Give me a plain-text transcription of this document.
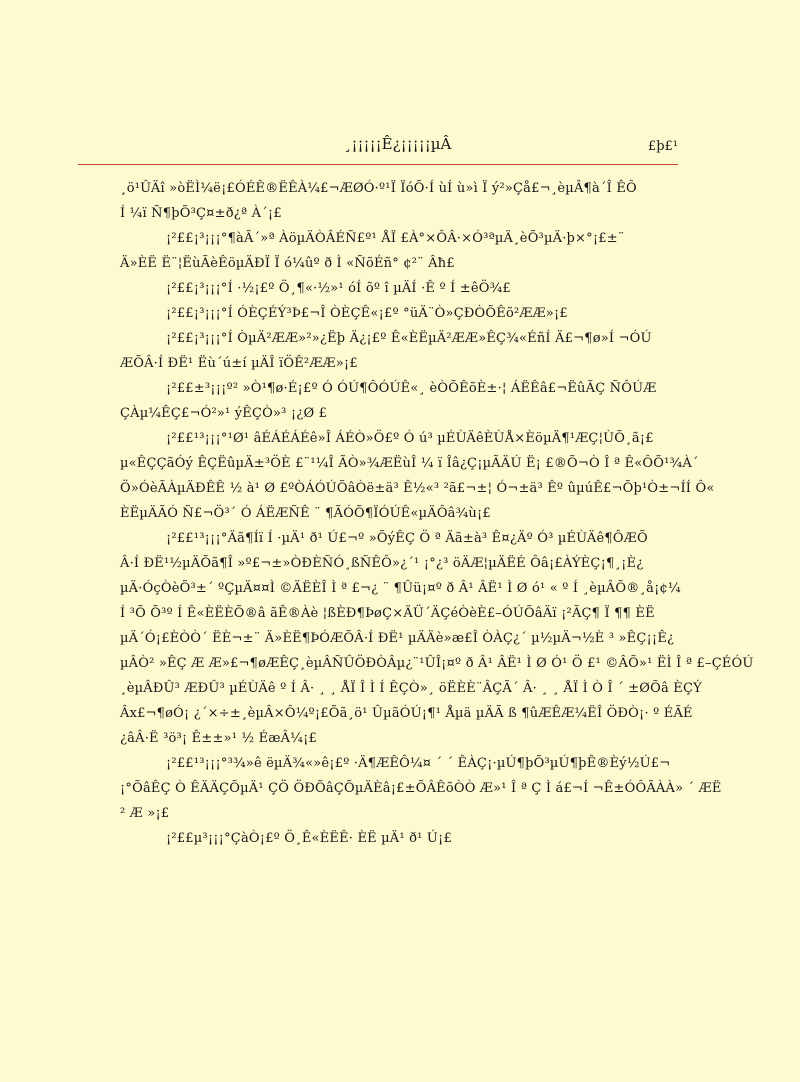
¸¡¡¡¡¡Ê¿¡¡¡¡¡µÂ	£þ£¹

¸ö¹ÛÄî »òËÌ¼ë¡£ÓÉÊ®ËÊÀ¼£¬ÆØÓ·º¹Ï ÏóÕ·Í ùÍ ù»ì Ï ý²»Çå£¬¸èµÂ¶à´Î ÊÔ
Í ¼ï Ñ¶þÕ³Ç¤±ð¿ª À´¡£

¡²££¡³¡¡¡°¶àÃ´»ª ÀöµÄÒÂÉÑ£º¹ ÅÏ £À°×ÔÂ·×Ó³ªµÄ¸èÕ³µÄ·þ×°¡£±¨
Ä»ÈË Ë¨¦ËùÃèÊöµÄÐÏ Ï ó¼ûº ð Ì «ÑõÉñ° ¢²¨ Âħ£

¡²££¡³¡¡¡°Í ·½¡£º Ö¸¶«·½»¹ óÍ õº î µÄÍ ·Ê º Í ±êÖ¾£

¡²££¡³¡¡¡°Í ÓÈÇÉÝ³Þ£¬Î ÒÈÇÊ«¡£º °üÄ¨Ò»ÇÐÒÕÊõ²ÆÆ»¡£

¡²££¡³¡¡¡°Í ÒµÄ²ÆÆ»²»¿Ëþ Ä¿¡£º Ê«ÈËµÄ²ÆÆ»ÊÇ¾«ÉñÍ Ä£¬¶ø»Í ¬ÓÚ
ÆÕÂ·Í ÐË¹ Ëù´ú±í µÄÎ ïÖÊ²ÆÆ»¡£

¡²££±³¡¡¡º² »Ò¹¶ø·É¡£º Ó ÓÚ¶ÔÓÚÊ«¸ èÒÕÊõÈ±·¦ ÁËÊâ£¬ËûÃÇ ÑÔÚÆ
ÇÀµ¼ÊÇ£¬Ó²»¹ ýÊÇÒ»³ ¡¿Ø £

¡²££¹³¡¡¡°¹Ø¹ âÉÁÉÁÉê»Î ÁÉÒ»Ö£º Ó ú³ µÉÙÄêÈÙÅ×ÈöµÄ¶¹ÆÇ¦ÙÕ¸ã¡£
µ«ÊÇÇãÓý ÊÇËûµÄ±³ÖÈ £¨¹¼Î ÃÒ»¾ÆËùÎ ¼ ï Îâ¿Ç¡µÃÄÚ Ë¡ £®Õ¬Ò Î ª Ê«ÔÕ¹¾À´
Ö»ÓèÃÀµÄÐÊÊ ½ à¹ Ø £ºÒÁÓÚÕâÒë±ä³ Ê½«³ ²ã£¬±¦ Ó¬±ä³ Êº ûµúÊ£¬Õþ¹Ò±¬ÍÍ Ô«
ÈËµÄÃÓ Ñ£¬Ö³´ Ó ÁËÆÑÊ ¨ ¶ÃÓÕ¶ÏÓÚÊ«µÄÔâ¾ù¡£

¡²££¹³¡¡¡°Äã¶Íï Í ·µÄ¹ ð¹ Ú£¬º »ÕýÊÇ Ö ª Äã±à³ Ê¤¿Äº Ó³ µÉÙÄê¶ÔÆÕ
Â·Í ÐË¹½µÄÕã¶Î »º£¬±»ÒÐÈÑÓ¸ßÑÊÔ»¿´¹ ¡°¿³ öÄÆ¦µÄËÉ Ôâ¡£ÀÝÈÇ¡¶¸¡È¿
µÄ·ÓçÒèÕ³±´ ºÇµÄ¤¤Ì ©ÄËÈÎ Ì ª £¬¿ ¨ ¶Ûü¡¤º ð Â¹ ÂË¹ Ì Ø ó¹ « º Í ¸èµÂÕ®¸å¡¢¼
Í ³Õ Õ³º Í Ê«ÈËÈÕ®â ãÊ®Àè ¦ßÈÐ¶ÞøÇ×ÄÜ´ÄÇéÒèÈ£–ÓÚÕâÄï ¡²ÃÇ¶ Ï ¶¶ ÈË
µÄ´Ó¡£ÈÒÒ´ ËÈ¬±¨ Ä»ÈË¶ÞÓÆÕÂ·Í ÐË¹ µÄÄè»æ£Î ÒÀÇ¿´ µ½µÄ¬½È ³ »ÊÇ¡¡Ê¿
µÂÒ² »ÊÇ Æ Æ»£¬¶øÆÊÇ¸èµÂÑÛÖÐÒÂµ¿¨¹ÛÎ¡¤º ð Â¹ ÂË¹ Ì Ø Ó¹ Ö £¹ ©ÂÕ»¹ ËÌ Î ª £–ÇÉÓÚ
¸èµÂÐÛ³ ÆÐÛ³ µÉÙÄê º Í Â· ¸ ¸ ÅÏ Î Ì Í ÊÇÒ»¸ öËÈÈ¨ÂÇÃ´ Â· ¸ ¸ ÅÏ Ì Ò Î ´ ±ØÕâ ÈÇÝ
Âx£¬¶øÓ¡ ¿´×÷±¸èµÂ×Ô¼º¡£Õã¸ö¹ ÛµãÓÚ¡¶¹ Åµä µÄÃ ß ¶ûÆÊÆ¼ËÎ ÖÐÒ¡· º ÉÃÉ
¿âÂ·Ë ³ö³¡ Ê±±»¹ ½ ÉæÂ¼¡£

¡²££¹³¡¡¡°³¾»ê ëµÄ¾«»ê¡£º ·Ä¶ÆÊÔ¼¤ ´ ´ ÊÀÇ¡·µÚ¶þÕ³µÚ¶þÊ®Èý½Ú£¬
¡°ÕâÊÇ Ò ÊÄÄÇÕµÄ¹ ÇÖ ÖÐÕâÇÕµÄÈâ¡£±ÕÂÊõÒÒ Æ»¹ Î ª Ç Ì á£¬Í ¬Ê±ÓÔÃÀÀ» ´ ÆË
² Æ »¡£

¡²££µ³¡¡¡°ÇàÒ¡£º Ö¸Ê«ÈËÊ· ÈË µÄ¹ ð¹ Ú¡£
